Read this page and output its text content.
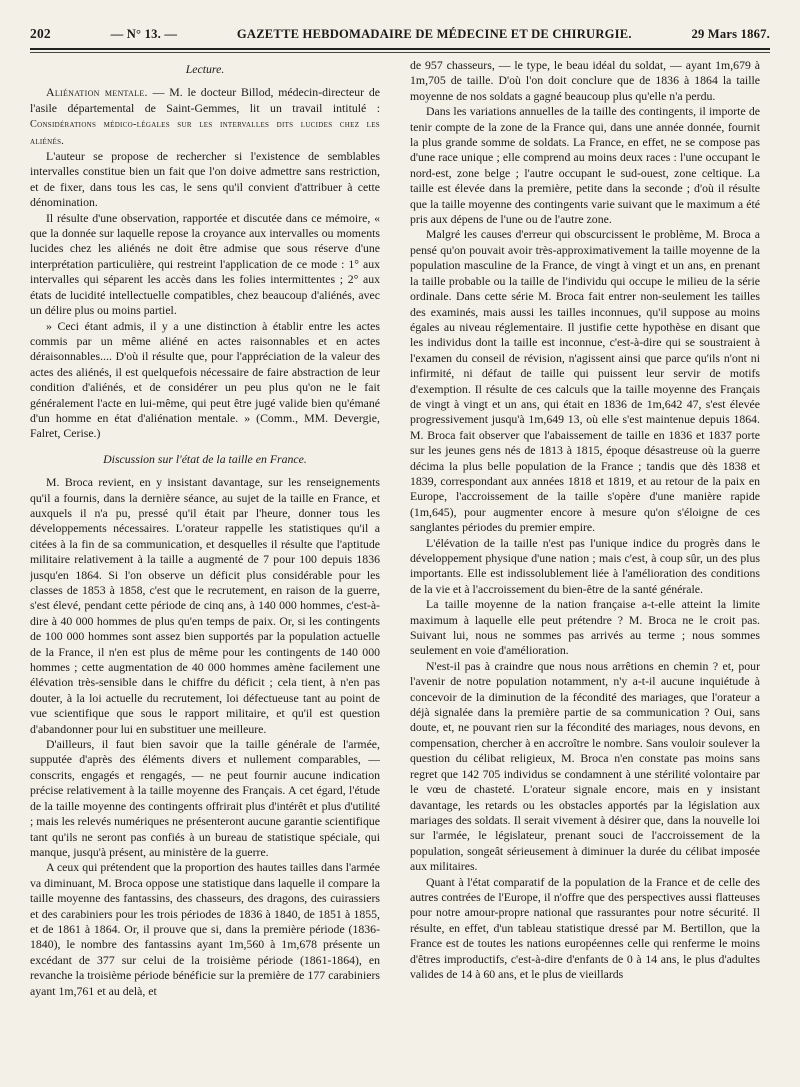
202	— N° 13. —	GAZETTE HEBDOMADAIRE DE MÉDECINE ET DE CHIRURGIE.	29 Mars 1867.
Lecture.

Aliénation mentale. — M. le docteur Billod, médecin-directeur de l'asile départemental de Saint-Gemmes, lit un travail intitulé : Considérations médico-légales sur les intervalles dits lucides chez les aliénés.

L'auteur se propose de rechercher si l'existence de semblables intervalles constitue bien un fait que l'on doive admettre sans restriction, et de fixer, dans tous les cas, le sens qu'il convient d'attribuer à cette dénomination.

Il résulte d'une observation, rapportée et discutée dans ce mémoire, « que la donnée sur laquelle repose la croyance aux intervalles ou moments lucides chez les aliénés ne doit être admise que sous réserve d'une interprétation particulière, qui restreint l'application de ce mode : 1° aux intervalles qui séparent les accès dans les folies intermittentes ; 2° aux états de lucidité intellectuelle compatibles, chez beaucoup d'aliénés, avec un délire plus ou moins partiel.

» Ceci étant admis, il y a une distinction à établir entre les actes commis par un même aliéné en actes raisonnables et en actes déraisonnables.... D'où il résulte que, pour l'appréciation de la valeur des actes des aliénés, il est quelquefois nécessaire de faire abstraction de leur condition d'aliénés, et de considérer un peu plus qu'on ne le fait généralement l'acte en lui-même, qui peut être jugé valide bien qu'émané d'un homme en état d'aliénation mentale. » (Comm., MM. Devergie, Falret, Cerise.)

Discussion sur l'état de la taille en France.

M. Broca revient, en y insistant davantage, sur les renseignements qu'il a fournis, dans la dernière séance, au sujet de la taille en France, et auxquels il n'a pu, pressé qu'il était par l'heure, donner tous les développements nécessaires. L'orateur rappelle les statistiques qu'il a citées à la fin de sa communication, et desquelles il résulte que l'aptitude militaire relativement à la taille a augmenté de 7 pour 100 depuis 1836 jusqu'en 1864. Si l'on observe un déficit plus considérable pour les classes de 1853 à 1858, c'est que le recrutement, en raison de la guerre, s'est élevé, pendant cette période de cinq ans, à 140 000 hommes, c'est-à-dire à 40 000 hommes de plus qu'en temps de paix. Or, si les contingents de 100 000 hommes sont assez bien supportés par la population actuelle de la France, il n'en est plus de même pour les contingents de 140 000 hommes ; cette augmentation de 40 000 hommes amène facilement une élévation très-sensible dans le chiffre du déficit ; cela tient, à n'en pas douter, à la loi actuelle du recrutement, loi défectueuse tant au point de vue scientifique que sous le rapport militaire, et qu'il est question d'abandonner pour lui en substituer une meilleure.

D'ailleurs, il faut bien savoir que la taille générale de l'armée, supputée d'après des éléments divers et nullement comparables, — conscrits, engagés et rengagés, — ne peut fournir aucune indication précise relativement à la taille moyenne des Français. A cet égard, l'étude de la taille moyenne des contingents offrirait plus d'intérêt et plus d'utilité ; mais les relevés numériques ne présenteront aucune garantie scientifique tant qu'ils ne seront pas confiés à un bureau de statistique spéciale, qui manque, jusqu'à présent, au ministère de la guerre.

A ceux qui prétendent que la proportion des hautes tailles dans l'armée va diminuant, M. Broca oppose une statistique dans laquelle il compare la taille moyenne des fantassins, des chasseurs, des dragons, des cuirassiers et des carabiniers pour les trois périodes de 1836 à 1840, de 1851 à 1855, et de 1861 à 1864. Or, il prouve que si, dans la première période (1836-1840), le nombre des fantassins ayant 1m,560 à 1m,678 présente un excédant de 377 sur celui de la troisième période (1861-1864), en revanche la troisième période bénéficie sur la première de 177 carabiniers ayant 1m,761 et au delà, et

de 957 chasseurs, — le type, le beau idéal du soldat, — ayant 1m,679 à 1m,705 de taille. D'où l'on doit conclure que de 1836 à 1864 la taille moyenne de nos soldats a gagné beaucoup plus qu'elle n'a perdu.

Dans les variations annuelles de la taille des contingents, il importe de tenir compte de la zone de la France qui, dans une année donnée, fournit la plus grande somme de soldats. La France, en effet, ne se compose pas d'une race unique ; elle comprend au moins deux races : l'une occupant le nord-est, zone belge ; l'autre occupant le sud-ouest, zone celtique. La taille est élevée dans la première, petite dans la seconde ; d'où il résulte que la taille moyenne des contingents varie suivant que le maximum a été pris aux dépens de l'une ou de l'autre zone.

Malgré les causes d'erreur qui obscurcissent le problème, M. Broca a pensé qu'on pouvait avoir très-approximativement la taille moyenne de la population masculine de la France, de vingt à vingt et un ans, en prenant la taille probable ou la taille de l'individu qui occupe le milieu de la série ordinale. Dans cette série M. Broca fait entrer non-seulement les tailles des examinés, mais aussi les tailles inconnues, qu'il suppose au moins égales au niveau réglementaire. Il justifie cette hypothèse en disant que les individus dont la taille est inconnue, c'est-à-dire qui se soustraient à l'examen du conseil de révision, n'agissent ainsi que parce qu'ils n'ont ni infirmité, ni défaut de taille qui puissent leur servir de motifs d'exemption. Il résulte de ces calculs que la taille moyenne des Français de vingt à vingt et un ans, qui était en 1836 de 1m,642 47, s'est élevée progressivement jusqu'à 1m,649 13, où elle s'est maintenue depuis 1864. M. Broca fait observer que l'abaissement de taille en 1836 et 1837 porte sur les jeunes gens nés de 1813 à 1815, époque désastreuse où la guerre décima la plus belle population de la France ; tandis que dès 1838 et 1839, correspondant aux années 1818 et 1819, et au retour de la paix en Europe, l'accroissement de la taille s'opère d'une manière rapide (1m,645), pour augmenter encore à mesure qu'on s'éloigne de ces sanglantes périodes du premier empire.

L'élévation de la taille n'est pas l'unique indice du progrès dans le développement physique d'une nation ; mais c'est, à coup sûr, un des plus importants. Elle est indissolublement liée à l'amélioration des conditions de la vie et à l'accroissement du bien-être de la santé générale.

La taille moyenne de la nation française a-t-elle atteint la limite maximum à laquelle elle peut prétendre ? M. Broca ne le croit pas. Suivant lui, nous ne sommes pas arrivés au terme ; nous sommes seulement en voie d'amélioration.

N'est-il pas à craindre que nous nous arrêtions en chemin ? et, pour l'avenir de notre population notamment, n'y a-t-il aucune inquiétude à concevoir de la diminution de la fécondité des mariages, que l'orateur a déjà signalée dans la première partie de sa communication ? Oui, sans doute, et, ne pouvant rien sur la fécondité des mariages, nous devons, en compensation, chercher à en accroître le nombre. Sans vouloir soulever la question du célibat religieux, M. Broca n'en constate pas moins sans regret que 142 705 individus se condamnent à une stérilité volontaire par le vœu de chasteté. L'orateur signale encore, mais en y insistant davantage, les retards ou les obstacles apportés par la législation aux mariages des soldats. Il serait vivement à désirer que, dans la nouvelle loi sur l'armée, le législateur, prenant souci de l'accroissement de la population, songeât sérieusement à diminuer la durée du célibat imposée aux militaires.

Quant à l'état comparatif de la population de la France et de celle des autres contrées de l'Europe, il n'offre que des perspectives aussi flatteuses pour notre amour-propre national que rassurantes pour notre sécurité. Il résulte, en effet, d'un tableau statistique dressé par M. Bertillon, que la France est de toutes les nations européennes celle qui renferme le moins d'êtres improductifs, c'est-à-dire d'enfants de 0 à 14 ans, le plus d'adultes valides de 14 à 60 ans, et le plus de vieillards
